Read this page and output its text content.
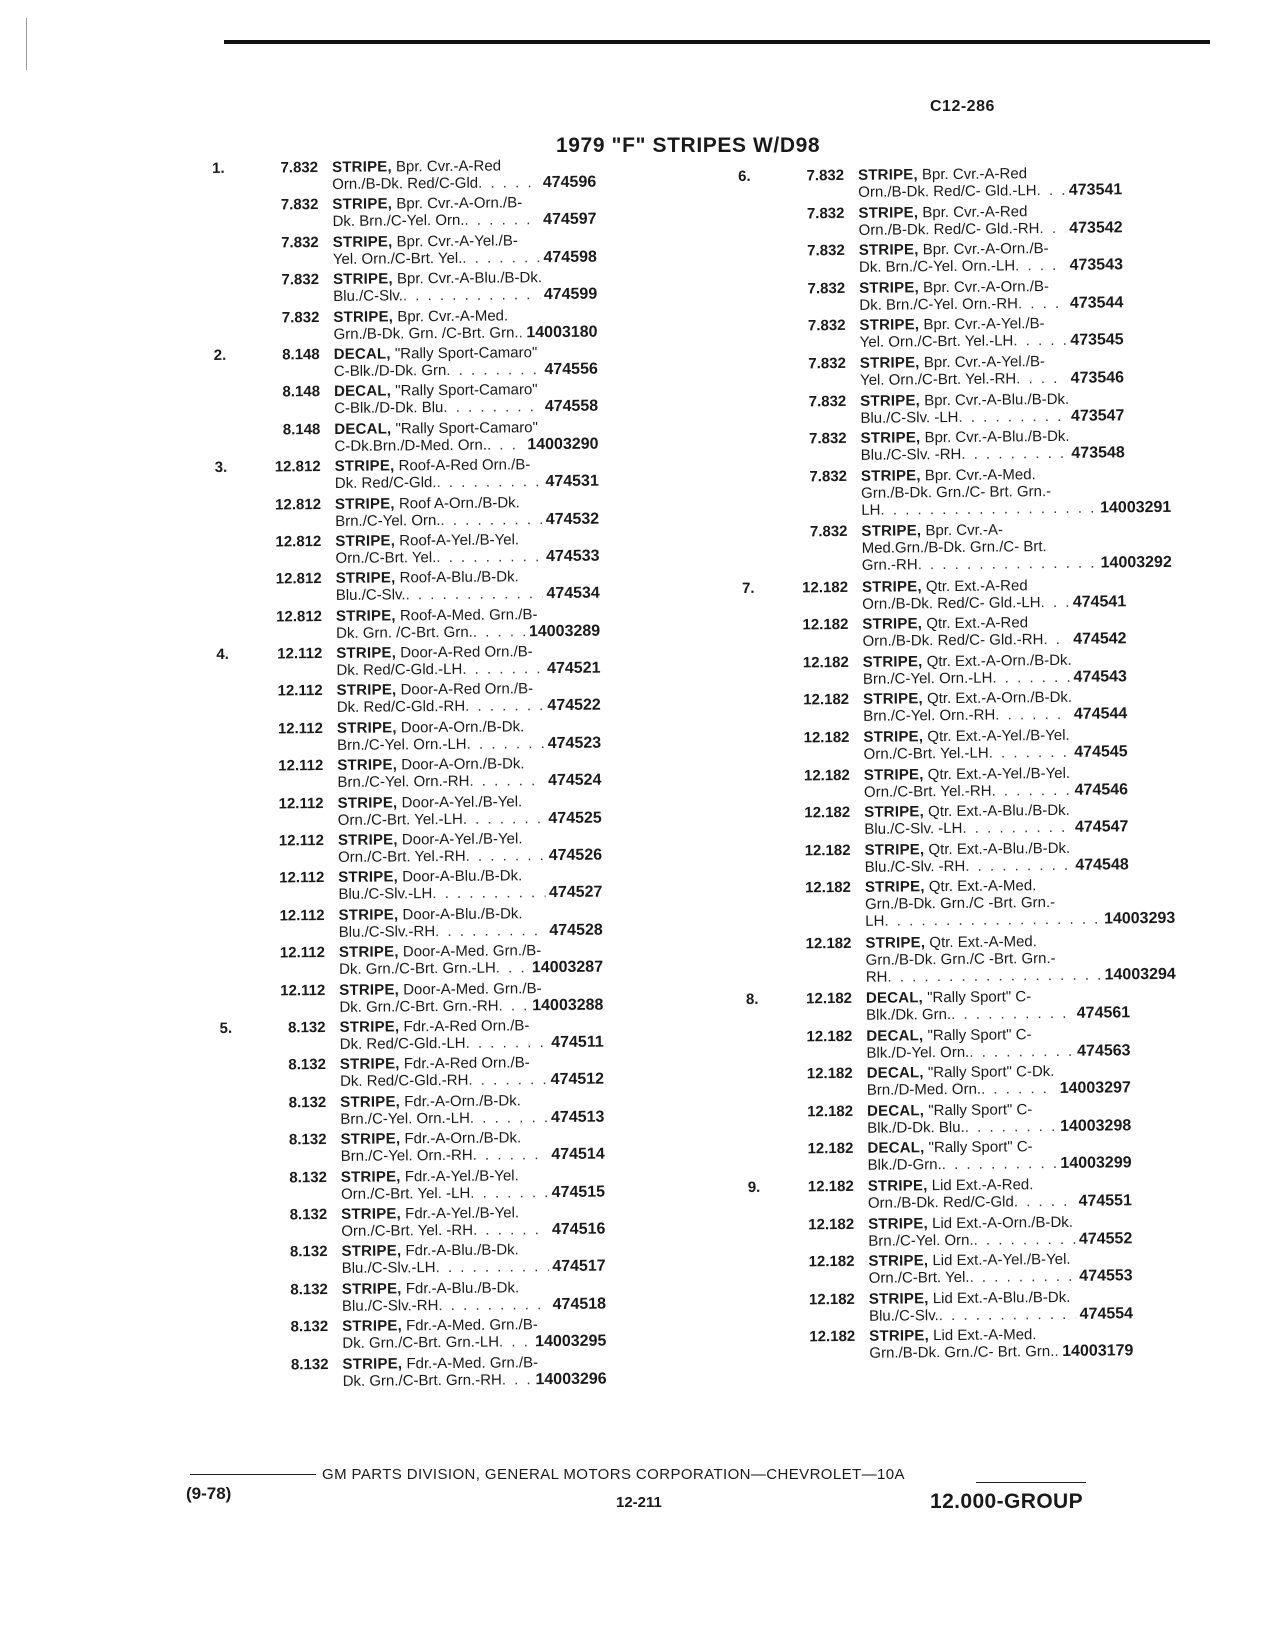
C12-286
1979 "F" STRIPES W/D98
1.	7.832 STRIPE, Bpr. Cvr.-A-Red
Orn./B-Dk. Red/C-Gld . . .	474596
7.832 STRIPE, Bpr. Cvr.-A-Orn./B-
Dk. Brn./C-Yel. Orn. . . .	474597
7.832 STRIPE, Bpr. Cvr.-A-Yel./B-
Yel. Orn./C-Brt. Yel. . . .	474598
7.832 STRIPE, Bpr. Cvr.-A-Blu./B-Dk.
Blu./C-Slv. . . .	474599
7.832 STRIPE, Bpr. Cvr.-A-Med.
Grn./B-Dk. Grn. /C-Brt. Grn. . . . 14003180
2.	8.148 DECAL, "Rally Sport-Camaro"
C-Blk./D-Dk. Grn . . .	474556
8.148 DECAL, "Rally Sport-Camaro"
C-Blk./D-Dk. Blu . . .	474558
8.148 DECAL, "Rally Sport-Camaro"
C-Dk.Brn./D-Med. Orn. . . .	14003290
3.	12.812 STRIPE, Roof-A-Red Orn./B-
Dk. Red/C-Gld. . . .	474531
12.812 STRIPE, Roof A-Orn./B-Dk.
Brn./C-Yel. Orn. . . .	474532
12.812 STRIPE, Roof-A-Yel./B-Yel.
Orn./C-Brt. Yel. . . .	474533
12.812 STRIPE, Roof-A-Blu./B-Dk.
Blu./C-Slv. . . .	474534
12.812 STRIPE, Roof-A-Med. Grn./B-
Dk. Grn. /C-Brt. Grn. . . .	14003289
4.	12.112 STRIPE, Door-A-Red Orn./B-
Dk. Red/C-Gld.-LH . . .	474521
12.112 STRIPE, Door-A-Red Orn./B-
Dk. Red/C-Gld.-RH . . .	474522
12.112 STRIPE, Door-A-Orn./B-Dk.
Brn./C-Yel. Orn.-LH . . .	474523
12.112 STRIPE, Door-A-Orn./B-Dk.
Brn./C-Yel. Orn.-RH . . .	474524
12.112 STRIPE, Door-A-Yel./B-Yel.
Orn./C-Brt. Yel.-LH . . .	474525
12.112 STRIPE, Door-A-Yel./B-Yel.
Orn./C-Brt. Yel.-RH . . .	474526
12.112 STRIPE, Door-A-Blu./B-Dk.
Blu./C-Slv.-LH . . .	474527
12.112 STRIPE, Door-A-Blu./B-Dk.
Blu./C-Slv.-RH . . .	474528
12.112 STRIPE, Door-A-Med. Grn./B-
Dk. Grn./C-Brt. Grn.-LH . . . 14003287
12.112 STRIPE, Door-A-Med. Grn./B-
Dk. Grn./C-Brt. Grn.-RH . . . 14003288
5.	8.132 STRIPE, Fdr.-A-Red Orn./B-
Dk. Red/C-Gld.-LH . . .	474511
8.132 STRIPE, Fdr.-A-Red Orn./B-
Dk. Red/C-Gld.-RH . . .	474512
8.132 STRIPE, Fdr.-A-Orn./B-Dk.
Brn./C-Yel. Orn.-LH . . .	474513
8.132 STRIPE, Fdr.-A-Orn./B-Dk.
Brn./C-Yel. Orn.-RH . . .	474514
8.132 STRIPE, Fdr.-A-Yel./B-Yel.
Orn./C-Brt. Yel. -LH . . .	474515
8.132 STRIPE, Fdr.-A-Yel./B-Yel.
Orn./C-Brt. Yel. -RH . . .	474516
8.132 STRIPE, Fdr.-A-Blu./B-Dk.
Blu./C-Slv.-LH . . .	474517
8.132 STRIPE, Fdr.-A-Blu./B-Dk.
Blu./C-Slv.-RH . . .	474518
8.132 STRIPE, Fdr.-A-Med. Grn./B-
Dk. Grn./C-Brt. Grn.-LH . . . 14003295
8.132 STRIPE, Fdr.-A-Med. Grn./B-
Dk. Grn./C-Brt. Grn.-RH . . . 14003296
6.	7.832 STRIPE, Bpr. Cvr.-A-Red
Orn./B-Dk. Red/C- Gld.-LH . . . 473541
7.832 STRIPE, Bpr. Cvr.-A-Red
Orn./B-Dk. Red/C- Gld.-RH . . . 473542
7.832 STRIPE, Bpr. Cvr.-A-Orn./B-
Dk. Brn./C-Yel. Orn.-LH . . .	473543
7.832 STRIPE, Bpr. Cvr.-A-Orn./B-
Dk. Brn./C-Yel. Orn.-RH . . .	473544
7.832 STRIPE, Bpr. Cvr.-A-Yel./B-
Yel. Orn./C-Brt. Yel.-LH . . .	473545
7.832 STRIPE, Bpr. Cvr.-A-Yel./B-
Yel. Orn./C-Brt. Yel.-RH . . .	473546
7.832 STRIPE, Bpr. Cvr.-A-Blu./B-Dk.
Blu./C-Slv. -LH . . .	473547
7.832 STRIPE, Bpr. Cvr.-A-Blu./B-Dk.
Blu./C-Slv. -RH . . .	473548
7.832 STRIPE, Bpr. Cvr.-A-Med.
Grn./B-Dk. Grn./C- Brt. Grn.-
LH . . .	14003291
7.832 STRIPE, Bpr. Cvr.-A-
Med.Grn./B-Dk. Grn./C- Brt.
Grn.-RH . . .	14003292
7.	12.182 STRIPE, Qtr. Ext.-A-Red
Orn./B-Dk. Red/C- Gld.-LH . . . 474541
12.182 STRIPE, Qtr. Ext.-A-Red
Orn./B-Dk. Red/C- Gld.-RH . . . 474542
12.182 STRIPE, Qtr. Ext.-A-Orn./B-Dk.
Brn./C-Yel. Orn.-LH . . .	474543
12.182 STRIPE, Qtr. Ext.-A-Orn./B-Dk.
Brn./C-Yel. Orn.-RH . . .	474544
12.182 STRIPE, Qtr. Ext.-A-Yel./B-Yel.
Orn./C-Brt. Yel.-LH . . .	474545
12.182 STRIPE, Qtr. Ext.-A-Yel./B-Yel.
Orn./C-Brt. Yel.-RH . . .	474546
12.182 STRIPE, Qtr. Ext.-A-Blu./B-Dk.
Blu./C-Slv. -LH . . .	474547
12.182 STRIPE, Qtr. Ext.-A-Blu./B-Dk.
Blu./C-Slv. -RH . . .	474548
12.182 STRIPE, Qtr. Ext.-A-Med.
Grn./B-Dk. Grn./C -Brt. Grn.-
LH . . .	14003293
12.182 STRIPE, Qtr. Ext.-A-Med.
Grn./B-Dk. Grn./C -Brt. Grn.-
RH . . .	14003294
8.	12.182 DECAL, "Rally Sport" C-
Blk./Dk. Grn. . . .	474561
12.182 DECAL, "Rally Sport" C-
Blk./D-Yel. Orn. . . .	474563
12.182 DECAL, "Rally Sport" C-Dk.
Brn./D-Med. Orn. . . .	14003297
12.182 DECAL, "Rally Sport" C-
Blk./D-Dk. Blu. . . .	14003298
12.182 DECAL, "Rally Sport" C-
Blk./D-Grn. . . .	14003299
9.	12.182 STRIPE, Lid Ext.-A-Red.
Orn./B-Dk. Red/C-Gld . . .	474551
12.182 STRIPE, Lid Ext.-A-Orn./B-Dk.
Brn./C-Yel. Orn. . . .	474552
12.182 STRIPE, Lid Ext.-A-Yel./B-Yel.
Orn./C-Brt. Yel. . . .	474553
12.182 STRIPE, Lid Ext.-A-Blu./B-Dk.
Blu./C-Slv. . . .	474554
12.182 STRIPE, Lid Ext.-A-Med.
Grn./B-Dk. Grn./C- Brt. Grn. . . . 14003179
GM PARTS DIVISION, GENERAL MOTORS CORPORATION—CHEVROLET—10A
(9-78)	12-211	12.000-GROUP
